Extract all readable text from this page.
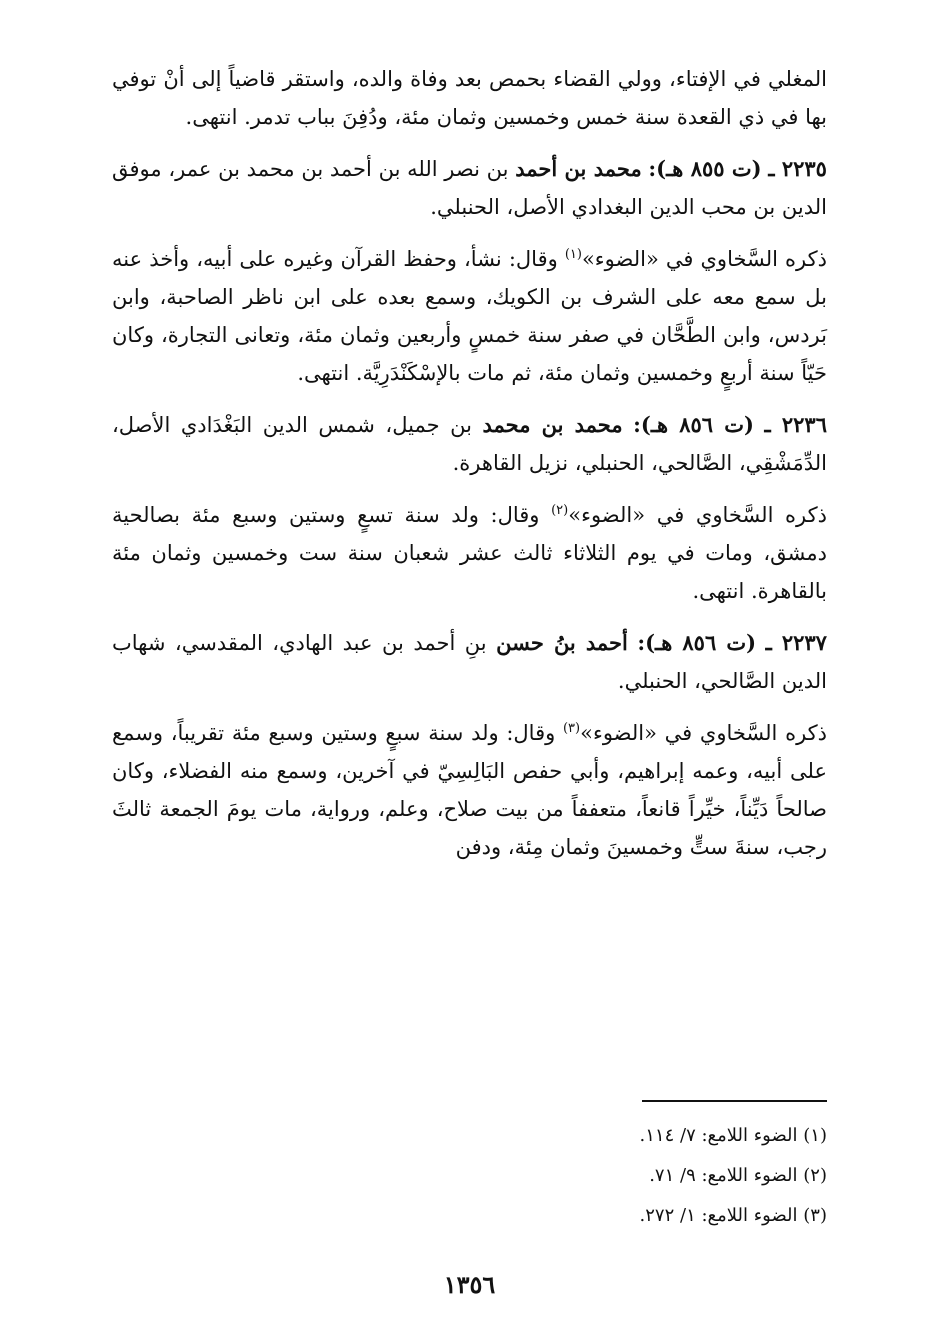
المغلي في الإفتاء، وولي القضاء بحمص بعد وفاة والده، واستقر قاضياً إلى أنْ توفي بها في ذي القعدة سنة خمس وخمسين وثمان مئة، ودُفِنَ بباب تدمر. انتهى.

٢٢٣٥ ـ (ت ٨٥٥ هـ): محمد بن أحمد بن نصر الله بن أحمد بن محمد بن عمر، موفق الدين بن محب الدين البغدادي الأصل، الحنبلي.

ذكره السَّخاوي في «الضوء»$^{(١)}$ وقال: نشأ، وحفظ القرآن وغيره على أبيه، وأخذ عنه بل سمع معه على الشرف بن الكويك، وسمع بعده على ابن ناظر الصاحبة، وابن بَردس، وابن الطَّحَّان في صفر سنة خمسٍ وأربعين وثمان مئة، وتعانى التجارة، وكان حَيّاً سنة أربعٍ وخمسين وثمان مئة، ثم مات بالإسْكَنْدَرِيَّة. انتهى.

٢٢٣٦ ـ (ت ٨٥٦ هـ): محمد بن محمد بن جميل، شمس الدين البَغْدَادي الأصل، الدِّمَشْقِي، الصَّالحي، الحنبلي، نزيل القاهرة.

ذكره السَّخاوي في «الضوء»$^{(٢)}$ وقال: ولد سنة تسعٍ وستين وسبع مئة بصالحية دمشق، ومات في يوم الثلاثاء ثالث عشر شعبان سنة ست وخمسين وثمان مئة بالقاهرة. انتهى.

٢٢٣٧ ـ (ت ٨٥٦ هـ): أحمد بنُ حسن بنِ أحمد بن عبد الهادي، المقدسي، شهاب الدين الصَّالحي، الحنبلي.

ذكره السَّخاوي في «الضوء»$^{(٣)}$ وقال: ولد سنة سبعٍ وستين وسبع مئة تقريباً، وسمع على أبيه، وعمه إبراهيم، وأبي حفص البَالِسِيّ في آخرين، وسمع منه الفضلاء، وكان صالحاً دَيِّناً، خيِّراً قانعاً، متعففاً من بيت صلاح، وعلم، ورواية، مات يومَ الجمعة ثالثَ رجب، سنةَ ستٍّ وخمسينَ وثمان مِئة، ودفن

(١) الضوء اللامع: ٧/ ١١٤.

(٢) الضوء اللامع: ٩/ ٧١.

(٣) الضوء اللامع: ١/ ٢٧٢.

١٣٥٦
